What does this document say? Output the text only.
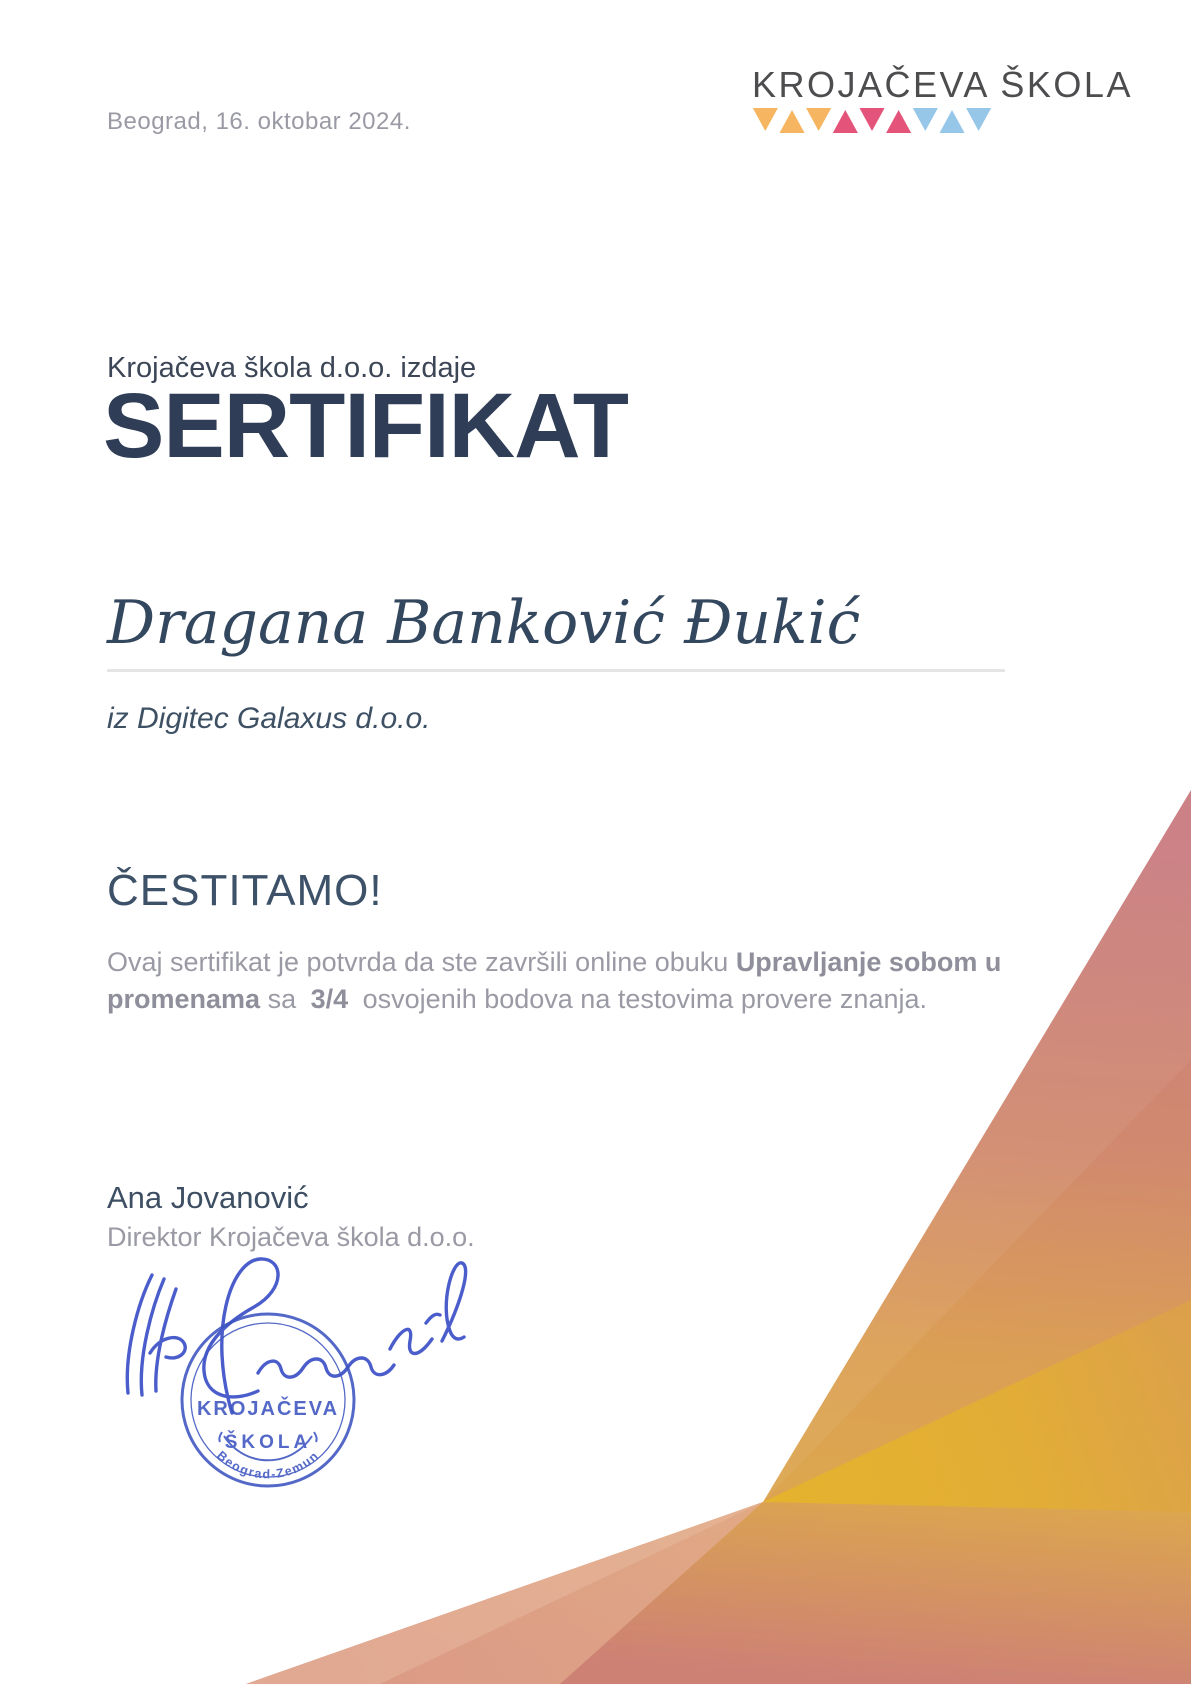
Beograd, 16. oktobar 2024.
KROJAČEVA ŠKOLA
Krojačeva škola d.o.o. izdaje
SERTIFIKAT
Dragana Banković Đukić
iz Digitec Galaxus d.o.o.
ČESTITAMO!
Ovaj sertifikat je potvrda da ste završili online obuku Upravljanje sobom u promenama sa 3/4 osvojenih bodova na testovima provere znanja.
Ana Jovanović
Direktor Krojačeva škola d.o.o.
KROJAČEVA
ŠKOLA
Beograd-Zemun
